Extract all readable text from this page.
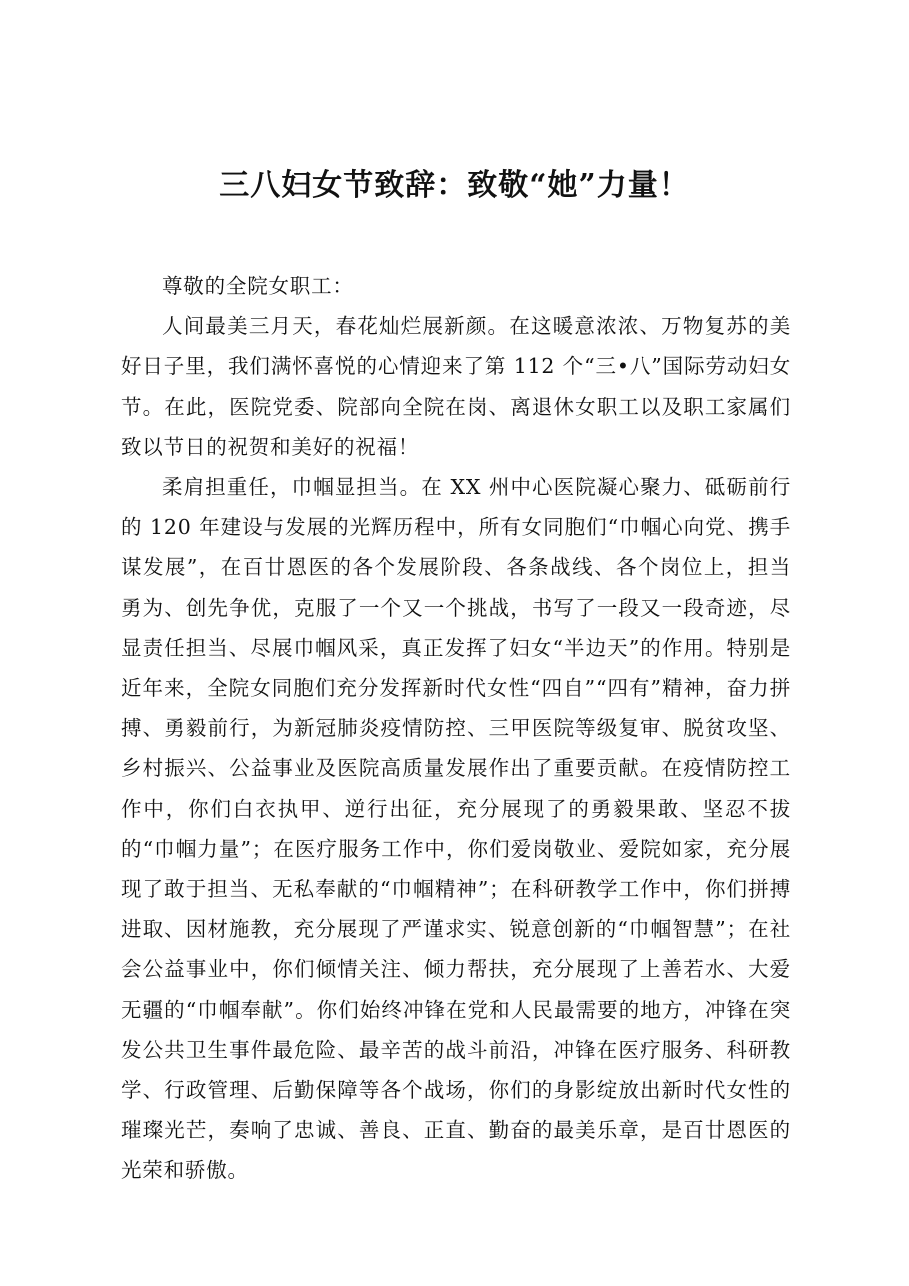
三八妇女节致辞：致敬“她”力量！

尊敬的全院女职工：

人间最美三月天，春花灿烂展新颜。在这暖意浓浓、万物复苏的美好日子里，我们满怀喜悦的心情迎来了第 112 个“三•八”国际劳动妇女节。在此，医院党委、院部向全院在岗、离退休女职工以及职工家属们致以节日的祝贺和美好的祝福！

柔肩担重任，巾帼显担当。在 XX 州中心医院凝心聚力、砥砺前行的 120 年建设与发展的光辉历程中，所有女同胞们“巾帼心向党、携手谋发展”，在百廿恩医的各个发展阶段、各条战线、各个岗位上，担当勇为、创先争优，克服了一个又一个挑战，书写了一段又一段奇迹，尽显责任担当、尽展巾帼风采，真正发挥了妇女“半边天”的作用。特别是近年来，全院女同胞们充分发挥新时代女性“四自”“四有”精神，奋力拼搏、勇毅前行，为新冠肺炎疫情防控、三甲医院等级复审、脱贫攻坚、乡村振兴、公益事业及医院高质量发展作出了重要贡献。在疫情防控工作中，你们白衣执甲、逆行出征，充分展现了的勇毅果敢、坚忍不拔的“巾帼力量”；在医疗服务工作中，你们爱岗敬业、爱院如家，充分展现了敢于担当、无私奉献的“巾帼精神”；在科研教学工作中，你们拼搏进取、因材施教，充分展现了严谨求实、锐意创新的“巾帼智慧”；在社会公益事业中，你们倾情关注、倾力帮扶，充分展现了上善若水、大爱无疆的“巾帼奉献”。你们始终冲锋在党和人民最需要的地方，冲锋在突发公共卫生事件最危险、最辛苦的战斗前沿，冲锋在医疗服务、科研教学、行政管理、后勤保障等各个战场，你们的身影绽放出新时代女性的璀璨光芒，奏响了忠诚、善良、正直、勤奋的最美乐章，是百廿恩医的光荣和骄傲。
